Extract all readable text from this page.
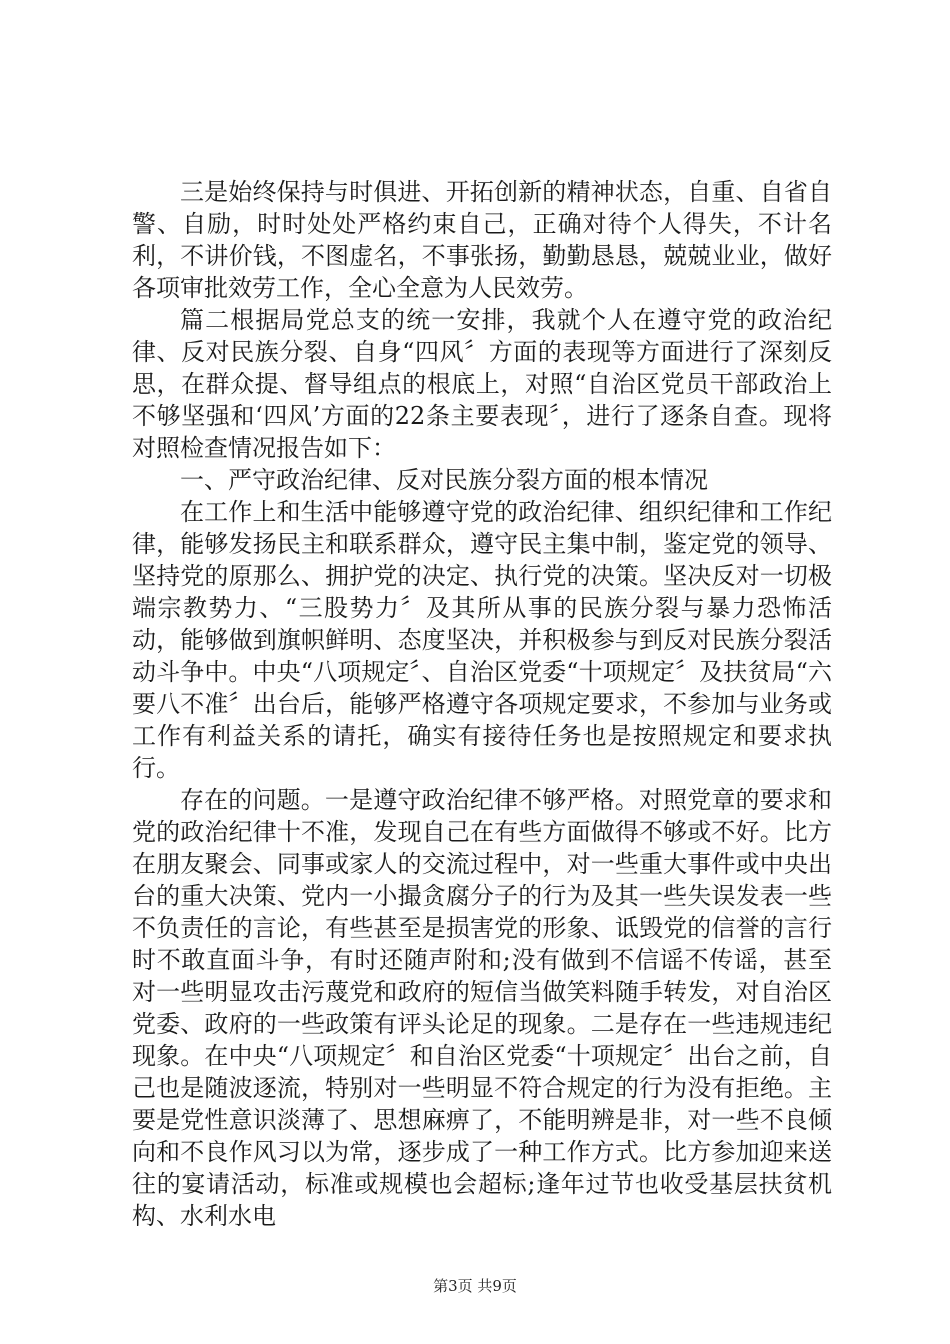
三是始终保持与时俱进、开拓创新的精神状态，自重、自省自警、自励，时时处处严格约束自己，正确对待个人得失，不计名利，不讲价钱，不图虚名，不事张扬，勤勤恳恳，兢兢业业，做好各项审批效劳工作，全心全意为人民效劳。

篇二根据局党总支的统一安排，我就个人在遵守党的政治纪律、反对民族分裂、自身“四风〞方面的表现等方面进行了深刻反思，在群众提、督导组点的根底上，对照“自治区党员干部政治上不够坚强和‘四风’方面的22条主要表现〞，进行了逐条自查。现将对照检查情况报告如下：

一、严守政治纪律、反对民族分裂方面的根本情况

在工作上和生活中能够遵守党的政治纪律、组织纪律和工作纪律，能够发扬民主和联系群众，遵守民主集中制，鉴定党的领导、坚持党的原那么、拥护党的决定、执行党的决策。坚决反对一切极端宗教势力、“三股势力〞及其所从事的民族分裂与暴力恐怖活动，能够做到旗帜鲜明、态度坚决，并积极参与到反对民族分裂活动斗争中。中央“八项规定〞、自治区党委“十项规定〞及扶贫局“六要八不准〞出台后，能够严格遵守各项规定要求，不参加与业务或工作有利益关系的请托，确实有接待任务也是按照规定和要求执行。

存在的问题。一是遵守政治纪律不够严格。对照党章的要求和党的政治纪律十不准，发现自己在有些方面做得不够或不好。比方在朋友聚会、同事或家人的交流过程中，对一些重大事件或中央出台的重大决策、党内一小撮贪腐分子的行为及其一些失误发表一些不负责任的言论，有些甚至是损害党的形象、诋毁党的信誉的言行时不敢直面斗争，有时还随声附和;没有做到不信谣不传谣，甚至对一些明显攻击污蔑党和政府的短信当做笑料随手转发，对自治区党委、政府的一些政策有评头论足的现象。二是存在一些违规违纪现象。在中央“八项规定〞和自治区党委“十项规定〞出台之前，自己也是随波逐流，特别对一些明显不符合规定的行为没有拒绝。主要是党性意识淡薄了、思想麻痹了，不能明辨是非，对一些不良倾向和不良作风习以为常，逐步成了一种工作方式。比方参加迎来送往的宴请活动，标准或规模也会超标;逢年过节也收受基层扶贫机构、水利水电

第3页 共9页
